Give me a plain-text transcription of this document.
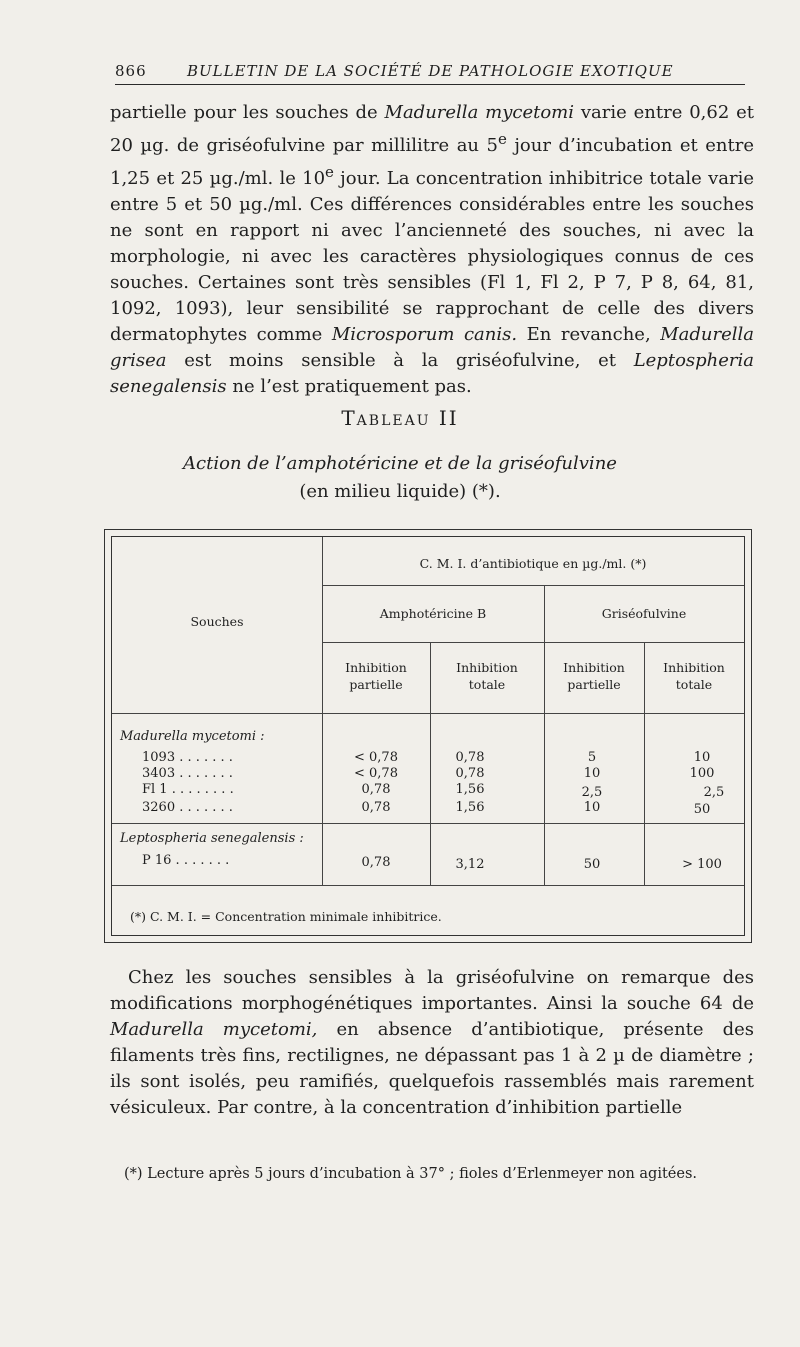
866	BULLETIN DE LA SOCIÉTÉ DE PATHOLOGIE EXOTIQUE

partielle pour les souches de Madurella mycetomi varie entre 0,62 et 20 µg. de griséofulvine par millilitre au 5e jour d’incubation et entre 1,25 et 25 µg./ml. le 10e jour. La concentration inhibitrice totale varie entre 5 et 50 µg./ml. Ces différences considérables entre les souches ne sont en rapport ni avec l’ancienneté des souches, ni avec la morphologie, ni avec les caractères physiologiques connus de ces souches. Certaines sont très sensibles (Fl 1, Fl 2, P 7, P 8, 64, 81, 1092, 1093), leur sensibilité se rapprochant de celle des divers dermatophytes comme Microsporum canis. En revanche, Madurella grisea est moins sensible à la griséofulvine, et Leptospheria senegalensis ne l’est pratiquement pas.

Tableau II
Action de l’amphotéricine et de la griséofulvine
(en milieu liquide) (*).
Souches
C. M. I. d’antibiotique en µg./ml. (*)
Amphotéricine B	Griséofulvine
Inhibition
partielle
Inhibition
totale
Inhibition
partielle
Inhibition
totale
Madurella mycetomi :
Leptospheria senegalensis :
1093 . . . . . . .	< 0,78	0,78	5	10
3403 . . . . . . .	< 0,78	0,78	10	100
Fl 1 . . . . . . . .	0,78	1,56	2,5	2,5
3260 . . . . . . .	0,78	1,56	10	50
P 16 . . . . . . .	0,78	3,12	50	> 100
(*) C. M. I. = Concentration minimale inhibitrice.

Chez les souches sensibles à la griséofulvine on remarque des modifications morphogénétiques importantes. Ainsi la souche 64 de Madurella mycetomi, en absence d’antibiotique, présente des filaments très fins, rectilignes, ne dépassant pas 1 à 2 µ de diamètre ; ils sont isolés, peu ramifiés, quelquefois rassemblés mais rarement vésiculeux. Par contre, à la concentration d’inhibition partielle

(*) Lecture après 5 jours d’incubation à 37° ; fioles d’Erlenmeyer non agitées.
